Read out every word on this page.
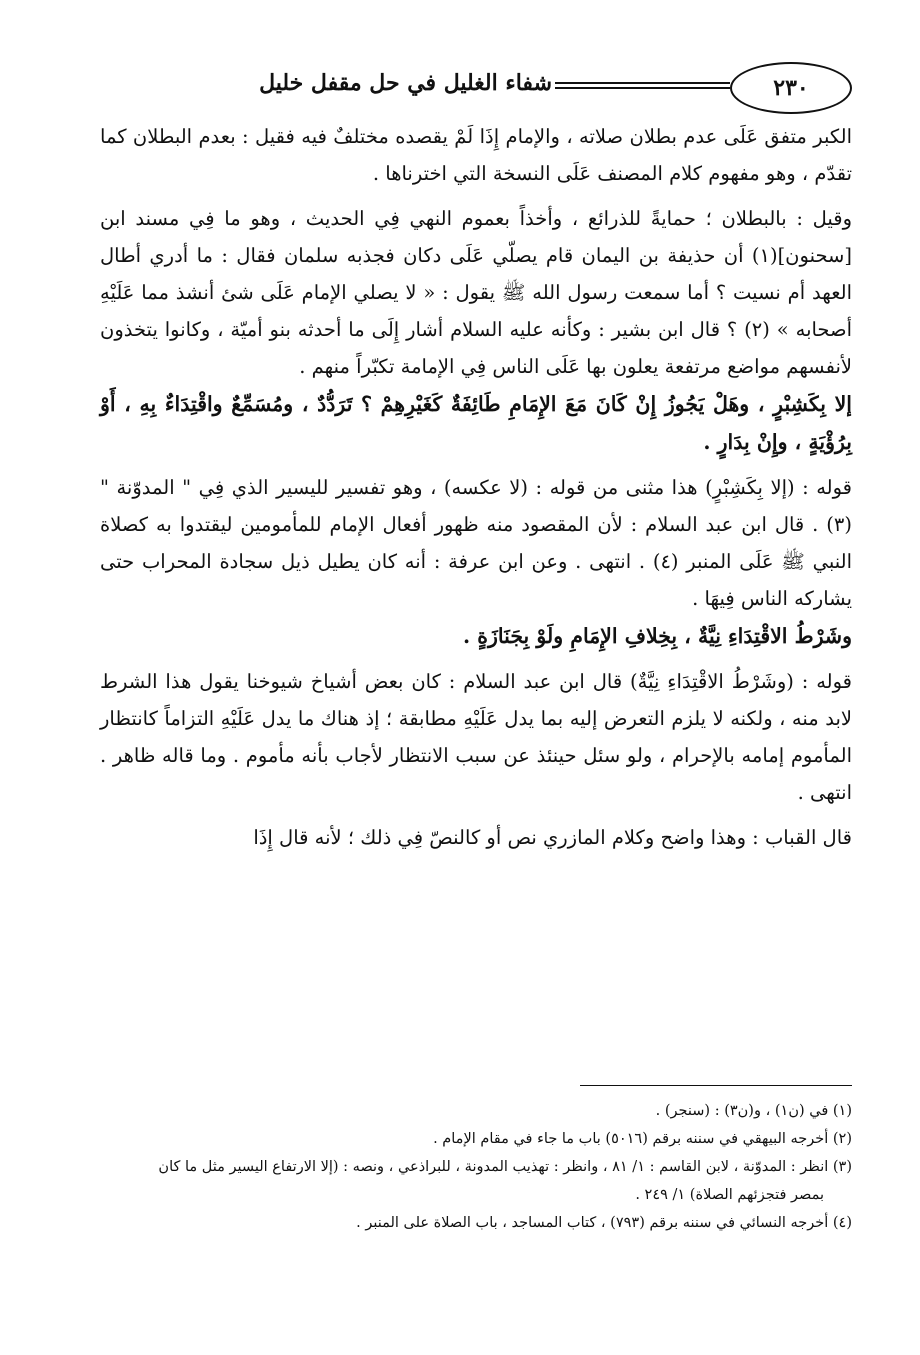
٢٣٠
شفاء الغليل في حل مقفل خليل

الكبر متفق عَلَى عدم بطلان صلاته ، والإمام إِذَا لَمْ يقصده مختلفٌ فيه فقيل : بعدم البطلان كما تقدّم ، وهو مفهوم كلام المصنف عَلَى النسخة التي اخترناها .

وقيل : بالبطلان ؛ حمايةً للذرائع ، وأخذاً بعموم النهي فِي الحديث ، وهو ما فِي مسند ابن [سحنون](١) أن حذيفة بن اليمان قام يصلّي عَلَى دكان فجذبه سلمان فقال : ما أدري أطال العهد أم نسيت ؟ أما سمعت رسول الله ﷺ يقول : « لا يصلي الإمام عَلَى شئ أنشذ مما عَلَيْهِ أصحابه » (٢) ؟ قال ابن بشير : وكأنه عليه السلام أشار إِلَى ما أحدثه بنو أميّة ، وكانوا يتخذون لأنفسهم مواضع مرتفعة يعلون بها عَلَى الناس فِي الإمامة تكبّراً منهم .

إلا بِكَشِبْرٍ ، وهَلْ يَجُوزُ إِنْ كَانَ مَعَ الإِمَامِ طَائِفَةٌ كَغَيْرِهِمْ ؟ تَرَدُّدٌ ، ومُسَمِّعٌ واقْتِدَاءٌ بِهِ ، أَوْ بِرُؤْيَةٍ ، وإِنْ بِدَارٍ .

قوله : (إلا بِكَشِبْرٍ) هذا مثنى من قوله : (لا عكسه) ، وهو تفسير لليسير الذي فِي " المدوّنة " (٣) . قال ابن عبد السلام : لأن المقصود منه ظهور أفعال الإمام للمأمومين ليقتدوا به كصلاة النبي ﷺ عَلَى المنبر (٤) . انتهى . وعن ابن عرفة : أنه كان يطيل ذيل سجادة المحراب حتى يشاركه الناس فِيهَا .

وشَرْطُ الاقْتِدَاءِ نِيَّةٌ ، بِخِلافِ الإِمَامِ ولَوْ بِجَنَازَةٍ .

قوله : (وشَرْطُ الاقْتِدَاءِ نِيَّةٌ) قال ابن عبد السلام : كان بعض أشياخ شيوخنا يقول هذا الشرط لابد منه ، ولكنه لا يلزم التعرض إليه بما يدل عَلَيْهِ مطابقة ؛ إذ هناك ما يدل عَلَيْهِ التزاماً كانتظار المأموم إمامه بالإحرام ، ولو سئل حينئذ عن سبب الانتظار لأجاب بأنه مأموم . وما قاله ظاهر . انتهى .

قال القباب : وهذا واضح وكلام المازري نص أو كالنصّ فِي ذلك ؛ لأنه قال إِذَا

(١) في (ن١) ، و(ن٣) : (سنجر) .

(٢) أخرجه البيهقي في سننه برقم (٥٠١٦) باب ما جاء في مقام الإمام .

(٣) انظر : المدوّنة ، لابن القاسم : ١/ ٨١ ، وانظر : تهذيب المدونة ، للبراذعي ، ونصه : (إلا الارتفاع اليسير مثل ما كان

بمصر فتجزئهم الصلاة) ١/ ٢٤٩ .

(٤) أخرجه النسائي في سننه برقم (٧٩٣) ، كتاب المساجد ، باب الصلاة على المنبر .
